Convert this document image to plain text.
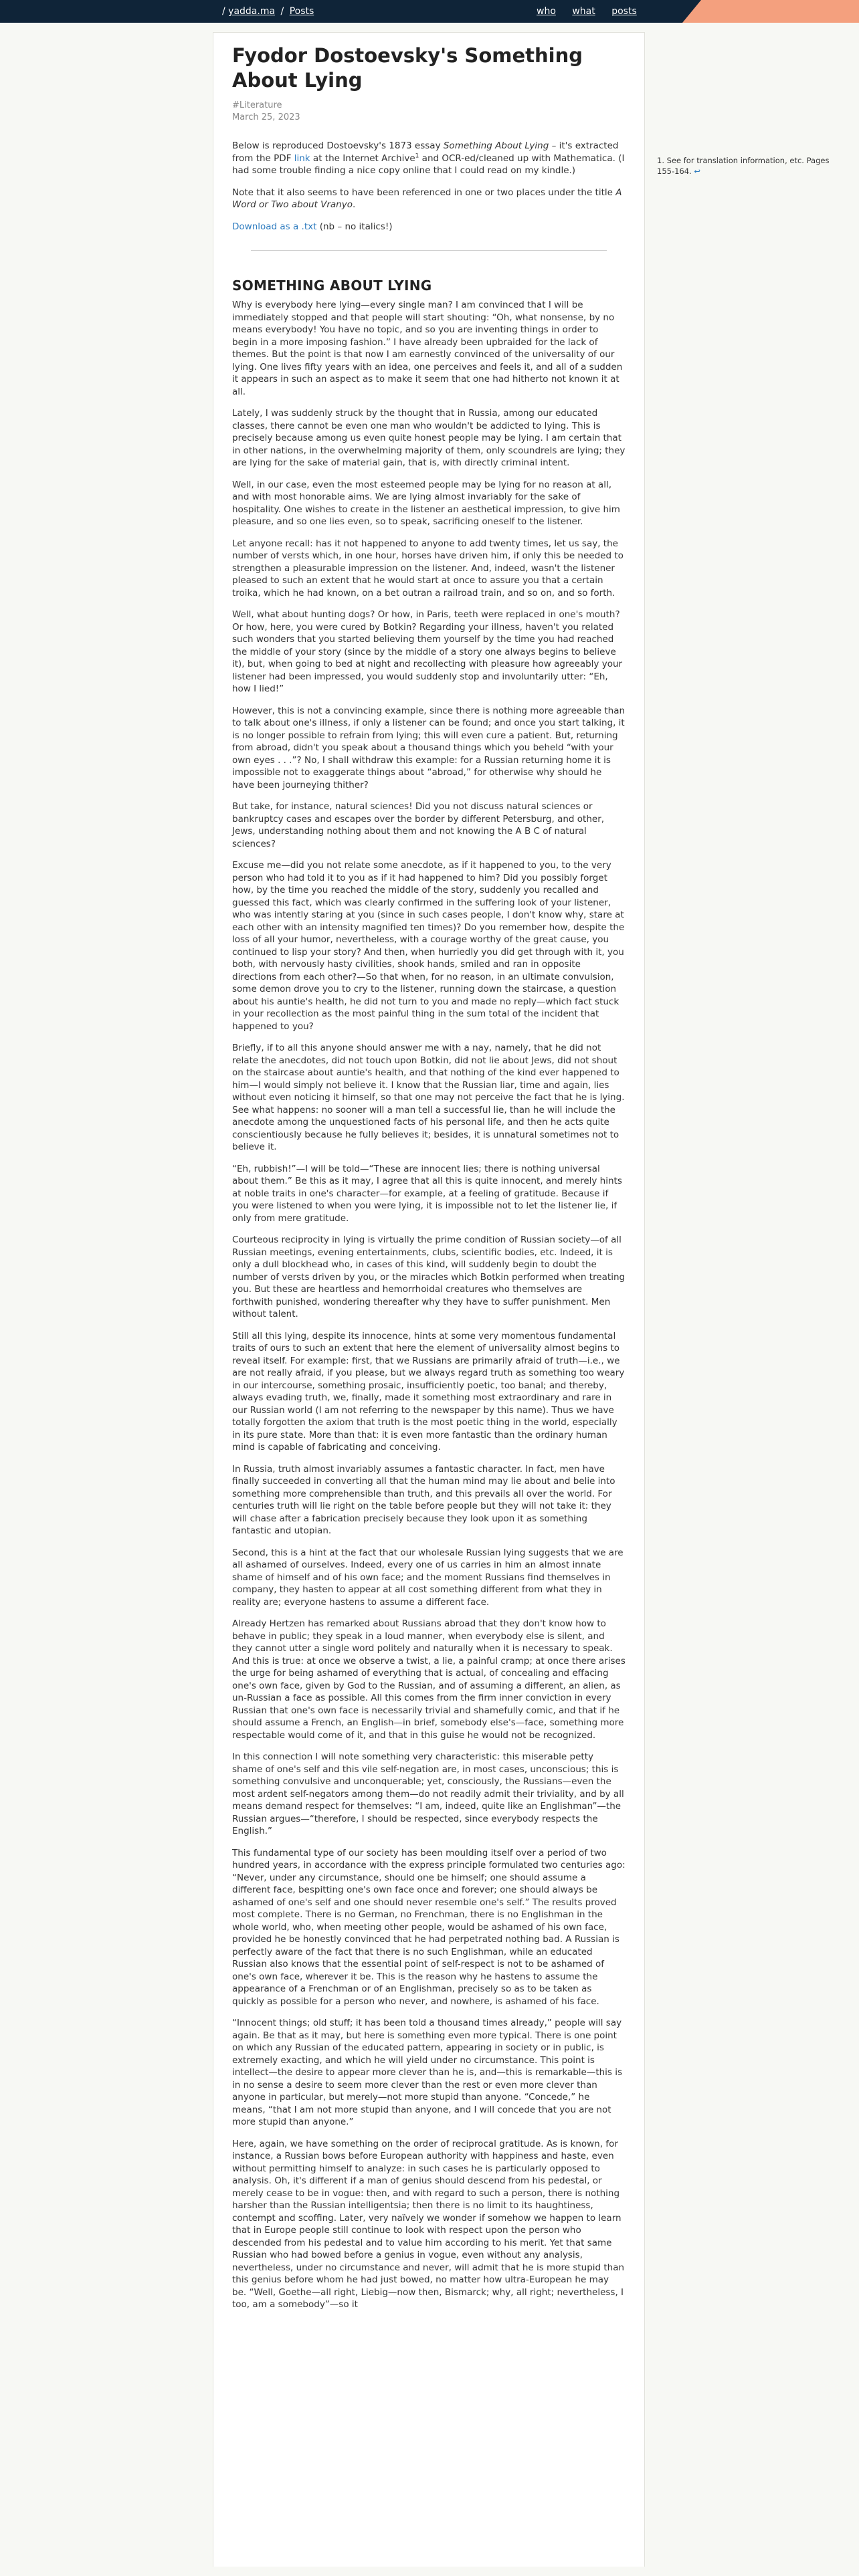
/ yadda.ma / Posts	who what posts
Fyodor Dostoevsky's Something About Lying
#Literature
March 25, 2023

Below is reproduced Dostoevsky's 1873 essay Something About Lying – it's extracted from the PDF link at the Internet Archive$^1$ and OCR-ed/cleaned up with Mathematica. (I had some trouble finding a nice copy online that I could read on my kindle.)

Note that it also seems to have been referenced in one or two places under the title A Word or Two about Vranyo.

Download as a .txt (nb – no italics!)

SOMETHING ABOUT LYING

Why is everybody here lying—every single man? I am convinced that I will be immediately stopped and that people will start shouting: “Oh, what nonsense, by no means everybody! You have no topic, and so you are inventing things in order to begin in a more imposing fashion.” I have already been upbraided for the lack of themes. But the point is that now I am earnestly convinced of the universality of our lying. One lives fifty years with an idea, one perceives and feels it, and all of a sudden it appears in such an aspect as to make it seem that one had hitherto not known it at all.

Lately, I was suddenly struck by the thought that in Russia, among our educated classes, there cannot be even one man who wouldn't be addicted to lying. This is precisely because among us even quite honest people may be lying. I am certain that in other nations, in the overwhelming majority of them, only scoundrels are lying; they are lying for the sake of material gain, that is, with directly criminal intent.

Well, in our case, even the most esteemed people may be lying for no reason at all, and with most honorable aims. We are lying almost invariably for the sake of hospitality. One wishes to create in the listener an aesthetical impression, to give him pleasure, and so one lies even, so to speak, sacrificing oneself to the listener.

Let anyone recall: has it not happened to anyone to add twenty times, let us say, the number of versts which, in one hour, horses have driven him, if only this be needed to strengthen a pleasurable impression on the listener. And, indeed, wasn't the listener pleased to such an extent that he would start at once to assure you that a certain troika, which he had known, on a bet outran a railroad train, and so on, and so forth.

Well, what about hunting dogs? Or how, in Paris, teeth were replaced in one's mouth? Or how, here, you were cured by Botkin? Regarding your illness, haven't you related such wonders that you started believing them yourself by the time you had reached the middle of your story (since by the middle of a story one always begins to believe it), but, when going to bed at night and recollecting with pleasure how agreeably your listener had been impressed, you would suddenly stop and involuntarily utter: “Eh, how I lied!”

However, this is not a convincing example, since there is nothing more agreeable than to talk about one's illness, if only a listener can be found; and once you start talking, it is no longer possible to refrain from lying; this will even cure a patient. But, returning from abroad, didn't you speak about a thousand things which you beheld “with your own eyes . . .”? No, I shall withdraw this example: for a Russian returning home it is impossible not to exaggerate things about “abroad,” for otherwise why should he have been journeying thither?

But take, for instance, natural sciences! Did you not discuss natural sciences or bankruptcy cases and escapes over the border by different Petersburg, and other, Jews, understanding nothing about them and not knowing the A B C of natural sciences?

Excuse me—did you not relate some anecdote, as if it happened to you, to the very person who had told it to you as if it had happened to him? Did you possibly forget how, by the time you reached the middle of the story, suddenly you recalled and guessed this fact, which was clearly confirmed in the suffering look of your listener, who was intently staring at you (since in such cases people, I don't know why, stare at each other with an intensity magnified ten times)? Do you remember how, despite the loss of all your humor, nevertheless, with a courage worthy of the great cause, you continued to lisp your story? And then, when hurriedly you did get through with it, you both, with nervously hasty civilities, shook hands, smiled and ran in opposite directions from each other?—So that when, for no reason, in an ultimate convulsion, some demon drove you to cry to the listener, running down the staircase, a question about his auntie's health, he did not turn to you and made no reply—which fact stuck in your recollection as the most painful thing in the sum total of the incident that happened to you?

Briefly, if to all this anyone should answer me with a nay, namely, that he did not relate the anecdotes, did not touch upon Botkin, did not lie about Jews, did not shout on the staircase about auntie's health, and that nothing of the kind ever happened to him—I would simply not believe it. I know that the Russian liar, time and again, lies without even noticing it himself, so that one may not perceive the fact that he is lying. See what happens: no sooner will a man tell a successful lie, than he will include the anecdote among the unquestioned facts of his personal life, and then he acts quite conscientiously because he fully believes it; besides, it is unnatural sometimes not to believe it.

“Eh, rubbish!”—I will be told—“These are innocent lies; there is nothing universal about them.” Be this as it may, I agree that all this is quite innocent, and merely hints at noble traits in one's character—for example, at a feeling of gratitude. Because if you were listened to when you were lying, it is impossible not to let the listener lie, if only from mere gratitude.

Courteous reciprocity in lying is virtually the prime condition of Russian society—of all Russian meetings, evening entertainments, clubs, scientific bodies, etc. Indeed, it is only a dull blockhead who, in cases of this kind, will suddenly begin to doubt the number of versts driven by you, or the miracles which Botkin performed when treating you. But these are heartless and hemorrhoidal creatures who themselves are forthwith punished, wondering thereafter why they have to suffer punishment. Men without talent.

Still all this lying, despite its innocence, hints at some very momentous fundamental traits of ours to such an extent that here the element of universality almost begins to reveal itself. For example: first, that we Russians are primarily afraid of truth—i.e., we are not really afraid, if you please, but we always regard truth as something too weary in our intercourse, something prosaic, insufficiently poetic, too banal; and thereby, always evading truth, we, finally, made it something most extraordinary and rare in our Russian world (I am not referring to the newspaper by this name). Thus we have totally forgotten the axiom that truth is the most poetic thing in the world, especially in its pure state. More than that: it is even more fantastic than the ordinary human mind is capable of fabricating and conceiving.

In Russia, truth almost invariably assumes a fantastic character. In fact, men have finally succeeded in converting all that the human mind may lie about and belie into something more comprehensible than truth, and this prevails all over the world. For centuries truth will lie right on the table before people but they will not take it: they will chase after a fabrication precisely because they look upon it as something fantastic and utopian.

Second, this is a hint at the fact that our wholesale Russian lying suggests that we are all ashamed of ourselves. Indeed, every one of us carries in him an almost innate shame of himself and of his own face; and the moment Russians find themselves in company, they hasten to appear at all cost something different from what they in reality are; everyone hastens to assume a different face.

Already Hertzen has remarked about Russians abroad that they don't know how to behave in public; they speak in a loud manner, when everybody else is silent, and they cannot utter a single word politely and naturally when it is necessary to speak. And this is true: at once we observe a twist, a lie, a painful cramp; at once there arises the urge for being ashamed of everything that is actual, of concealing and effacing one's own face, given by God to the Russian, and of assuming a different, an alien, as un-Russian a face as possible. All this comes from the firm inner conviction in every Russian that one's own face is necessarily trivial and shamefully comic, and that if he should assume a French, an English—in brief, somebody else's—face, something more respectable would come of it, and that in this guise he would not be recognized.

In this connection I will note something very characteristic: this miserable petty shame of one's self and this vile self-negation are, in most cases, unconscious; this is something convulsive and unconquerable; yet, consciously, the Russians—even the most ardent self-negators among them—do not readily admit their triviality, and by all means demand respect for themselves: “I am, indeed, quite like an Englishman”—the Russian argues—“therefore, I should be respected, since everybody respects the English.”

This fundamental type of our society has been moulding itself over a period of two hundred years, in accordance with the express principle formulated two centuries ago: “Never, under any circumstance, should one be himself; one should assume a different face, bespitting one's own face once and forever; one should always be ashamed of one's self and one should never resemble one's self.” The results proved most complete. There is no German, no Frenchman, there is no Englishman in the whole world, who, when meeting other people, would be ashamed of his own face, provided he be honestly convinced that he had perpetrated nothing bad. A Russian is perfectly aware of the fact that there is no such Englishman, while an educated Russian also knows that the essential point of self-respect is not to be ashamed of one's own face, wherever it be. This is the reason why he hastens to assume the appearance of a Frenchman or of an Englishman, precisely so as to be taken as quickly as possible for a person who never, and nowhere, is ashamed of his face.

“Innocent things; old stuff; it has been told a thousand times already,” people will say again. Be that as it may, but here is something even more typical. There is one point on which any Russian of the educated pattern, appearing in society or in public, is extremely exacting, and which he will yield under no circumstance. This point is intellect—the desire to appear more clever than he is, and—this is remarkable—this is in no sense a desire to seem more clever than the rest or even more clever than anyone in particular, but merely—not more stupid than anyone. “Concede,” he means, “that I am not more stupid than anyone, and I will concede that you are not more stupid than anyone.”

Here, again, we have something on the order of reciprocal gratitude. As is known, for instance, a Russian bows before European authority with happiness and haste, even without permitting himself to analyze: in such cases he is particularly opposed to analysis. Oh, it's different if a man of genius should descend from his pedestal, or merely cease to be in vogue: then, and with regard to such a person, there is nothing harsher than the Russian intelligentsia; then there is no limit to its haughtiness, contempt and scoffing. Later, very naïvely we wonder if somehow we happen to learn that in Europe people still continue to look with respect upon the person who descended from his pedestal and to value him according to his merit. Yet that same Russian who had bowed before a genius in vogue, even without any analysis, nevertheless, under no circumstance and never, will admit that he is more stupid than this genius before whom he had just bowed, no matter how ultra-European he may be. “Well, Goethe—all right, Liebig—now then, Bismarck; why, all right; nevertheless, I too, am a somebody”—so it

1. See for translation information, etc. Pages 155-164. ↩
